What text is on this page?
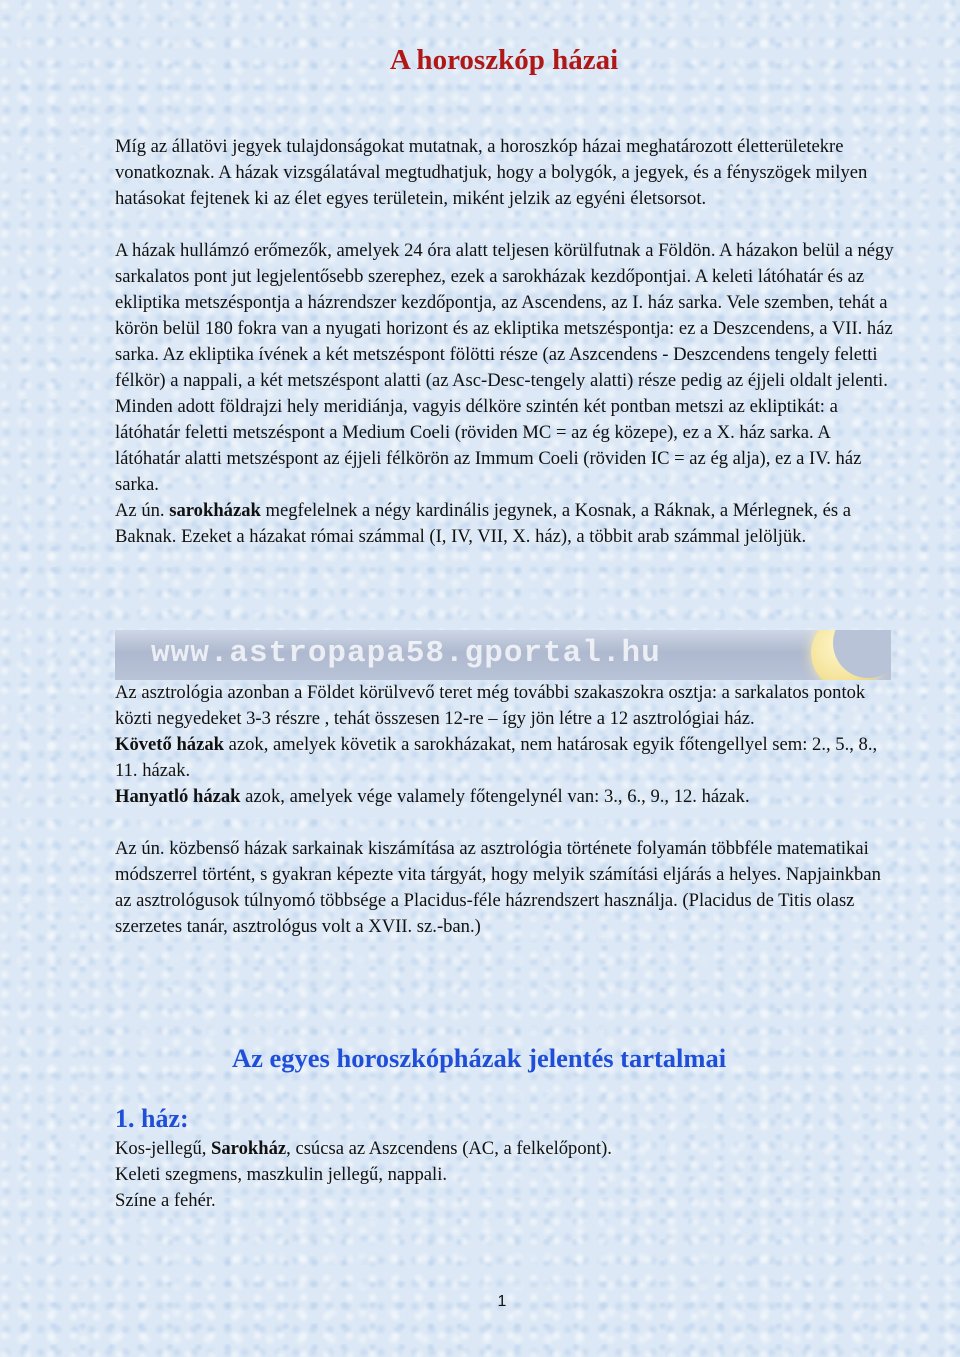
A horoszkóp házai

Míg az állatövi jegyek tulajdonságokat mutatnak, a horoszkóp házai meghatározott életterületekre vonatkoznak. A házak vizsgálatával megtudhatjuk, hogy a bolygók, a jegyek, és a fényszögek milyen hatásokat fejtenek ki az élet egyes területein, miként jelzik az egyéni életsorsot.

A házak hullámzó erőmezők, amelyek 24 óra alatt teljesen körülfutnak a Földön. A házakon belül a négy sarkalatos pont jut legjelentősebb szerephez, ezek a sarokházak kezdőpontjai. A keleti látóhatár és az ekliptika metszéspontja a házrendszer kezdőpontja, az Ascendens, az I. ház sarka. Vele szemben, tehát a körön belül 180 fokra van a nyugati horizont és az ekliptika metszéspontja: ez a Deszcendens, a VII. ház sarka. Az ekliptika ívének a két metszéspont fölötti része (az Aszcendens - Deszcendens tengely feletti félkör) a nappali, a két metszéspont alatti (az Asc-Desc-tengely alatti) része pedig az éjjeli oldalt jelenti.

Minden adott földrajzi hely meridiánja, vagyis délköre szintén két pontban metszi az ekliptikát: a látóhatár feletti metszéspont a Medium Coeli (röviden MC = az ég közepe), ez a X. ház sarka. A látóhatár alatti metszéspont az éjjeli félkörön az Immum Coeli (röviden IC = az ég alja), ez a IV. ház sarka.

Az ún. sarokházak megfelelnek a négy kardinális jegynek, a Kosnak, a Ráknak, a Mérlegnek, és a Baknak. Ezeket a házakat római számmal (I, IV, VII, X. ház), a többit arab számmal jelöljük.

www.astropapa58.gportal.hu

Az asztrológia azonban a Földet körülvevő teret még további szakaszokra osztja: a sarkalatos pontok közti negyedeket 3-3 részre , tehát összesen 12-re – így jön létre a 12 asztrológiai ház.

Követő házak azok, amelyek követik a sarokházakat, nem határosak egyik főtengellyel sem: 2., 5., 8., 11. házak.

Hanyatló házak azok, amelyek vége valamely főtengelynél van: 3., 6., 9., 12. házak.

Az ún. közbenső házak sarkainak kiszámítása az asztrológia története folyamán többféle matematikai módszerrel történt, s gyakran képezte vita tárgyát, hogy melyik számítási eljárás a helyes. Napjainkban az asztrológusok túlnyomó többsége a Placidus-féle házrendszert használja. (Placidus de Titis olasz szerzetes tanár, asztrológus volt a XVII. sz.-ban.)

Az egyes horoszkópházak jelentés tartalmai
1. ház:

Kos-jellegű, Sarokház, csúcsa az Aszcendens (AC, a felkelőpont).

Keleti szegmens, maszkulin jellegű, nappali.

Színe a fehér.

1
